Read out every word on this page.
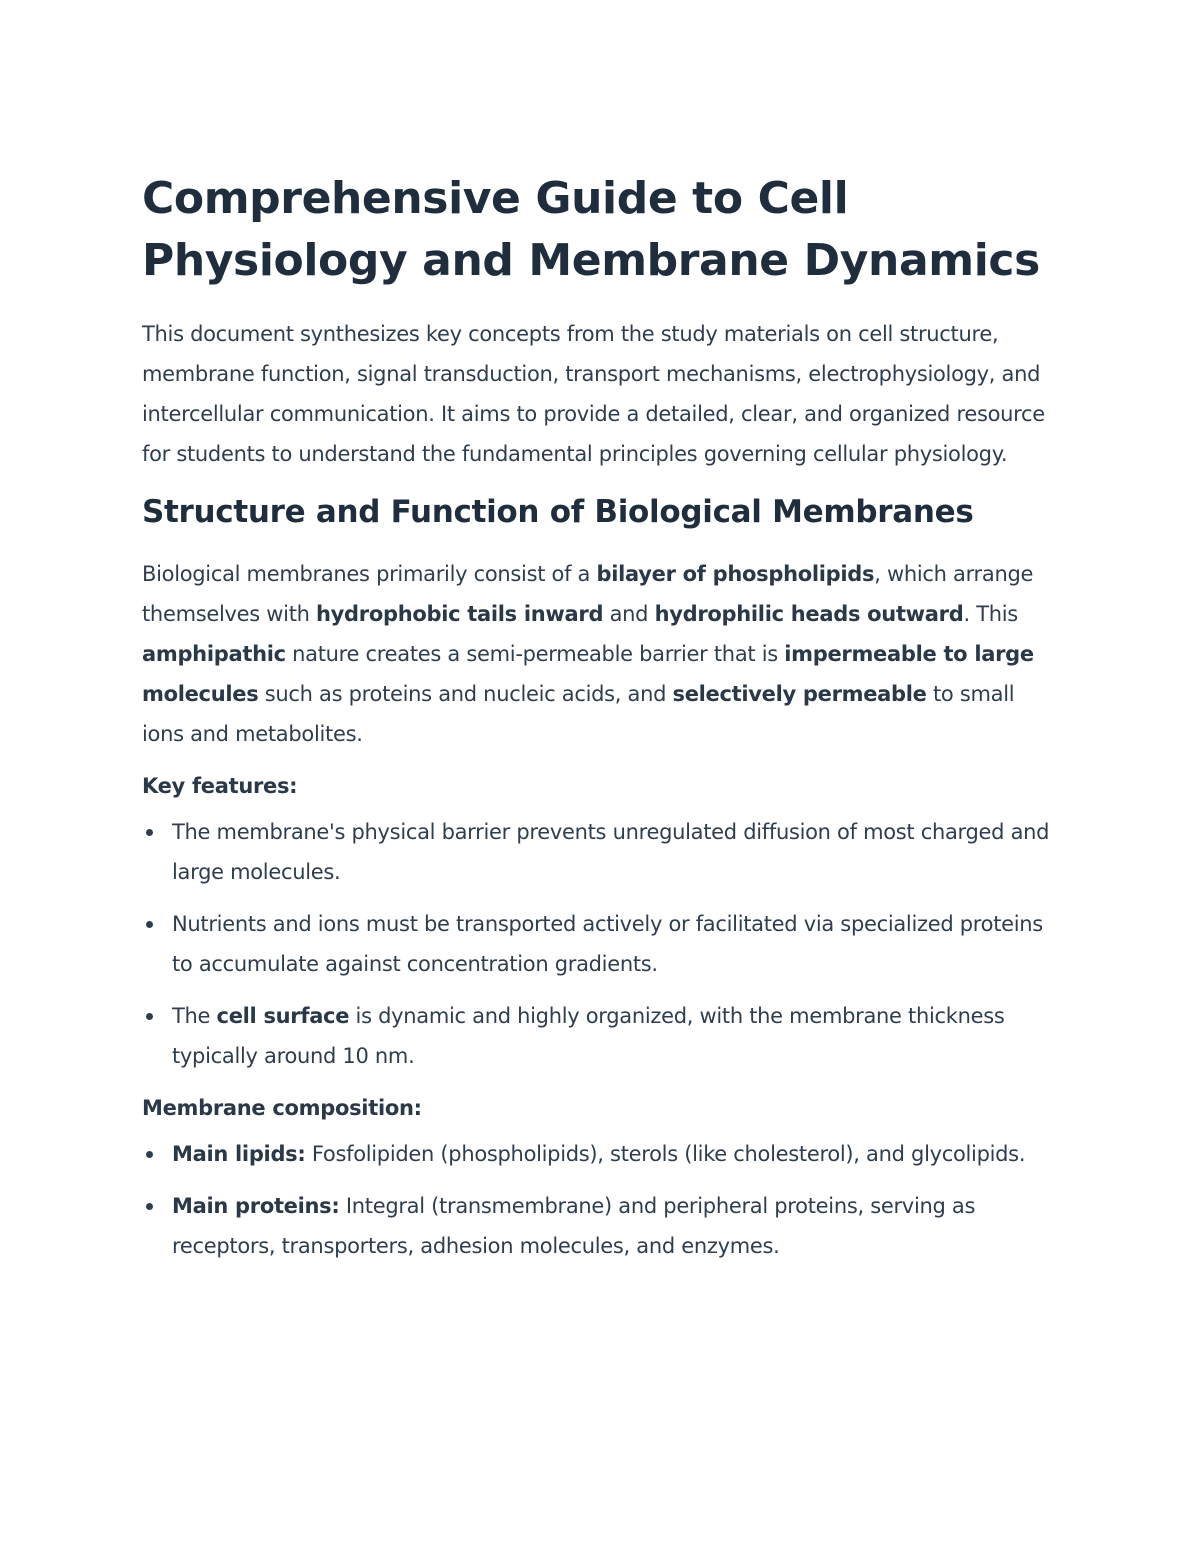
Comprehensive Guide to Cell Physiology and Membrane Dynamics

This document synthesizes key concepts from the study materials on cell structure, membrane function, signal transduction, transport mechanisms, electrophysiology, and intercellular communication. It aims to provide a detailed, clear, and organized resource for students to understand the fundamental principles governing cellular physiology.

Structure and Function of Biological Membranes

Biological membranes primarily consist of a bilayer of phospholipids, which arrange themselves with hydrophobic tails inward and hydrophilic heads outward. This amphipathic nature creates a semi-permeable barrier that is impermeable to large molecules such as proteins and nucleic acids, and selectively permeable to small ions and metabolites.

Key features:

The membrane's physical barrier prevents unregulated diffusion of most charged and large molecules.
Nutrients and ions must be transported actively or facilitated via specialized proteins to accumulate against concentration gradients.
The cell surface is dynamic and highly organized, with the membrane thickness typically around 10 nm.

Membrane composition:

Main lipids: Fosfolipiden (phospholipids), sterols (like cholesterol), and glycolipids.
Main proteins: Integral (transmembrane) and peripheral proteins, serving as receptors, transporters, adhesion molecules, and enzymes.
